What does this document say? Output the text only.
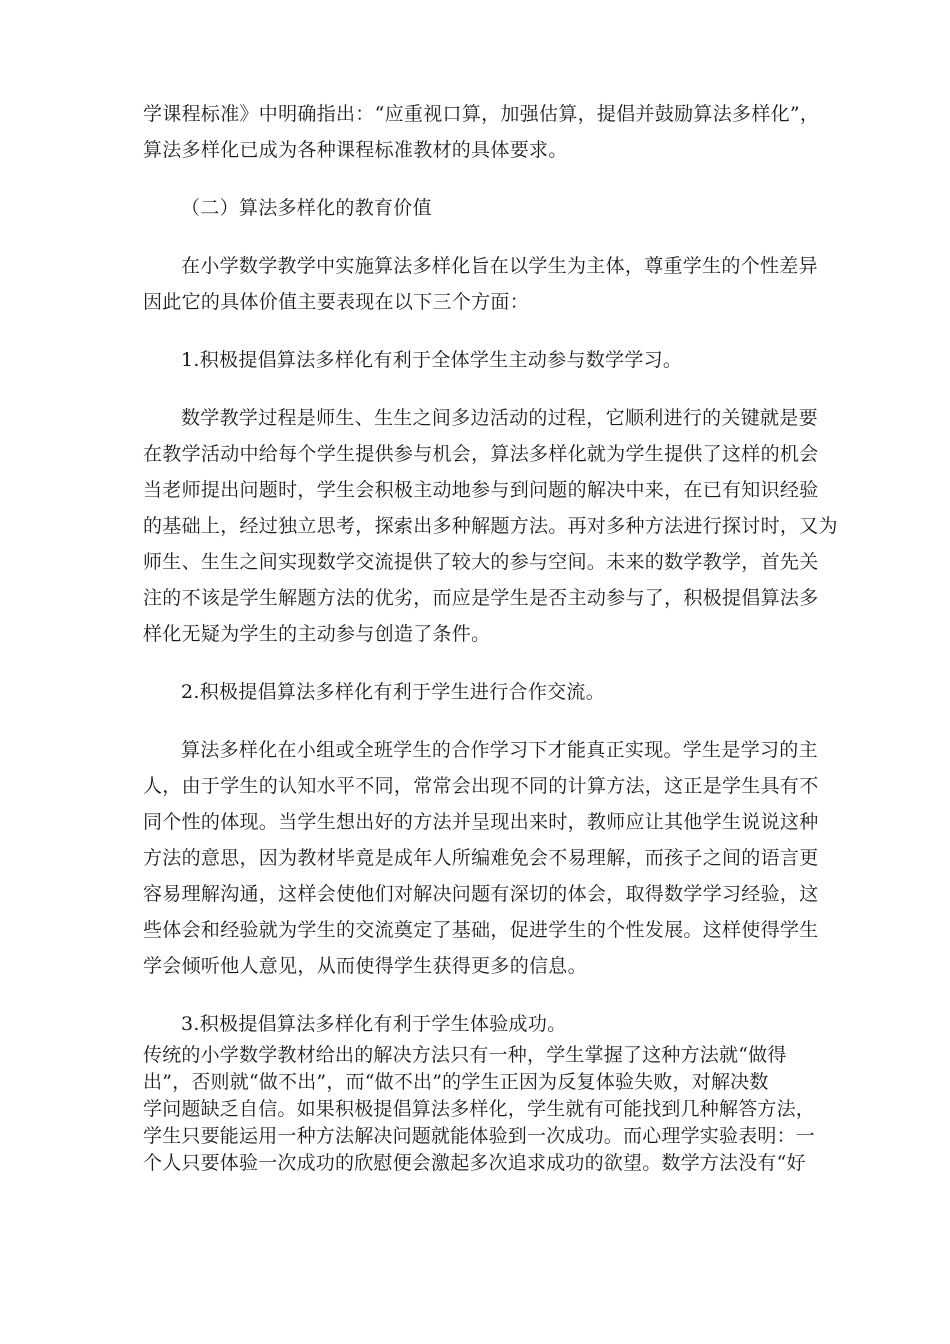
学课程标准》中明确指出：“应重视口算，加强估算，提倡并鼓励算法多样化”，
算法多样化已成为各种课程标准教材的具体要求。

（二）算法多样化的教育价值

在小学数学教学中实施算法多样化旨在以学生为主体，尊重学生的个性差异
因此它的具体价值主要表现在以下三个方面：

1.积极提倡算法多样化有利于全体学生主动参与数学学习。

数学教学过程是师生、生生之间多边活动的过程，它顺利进行的关键就是要
在教学活动中给每个学生提供参与机会，算法多样化就为学生提供了这样的机会
当老师提出问题时，学生会积极主动地参与到问题的解决中来，在已有知识经验
的基础上，经过独立思考，探索出多种解题方法。再对多种方法进行探讨时，又为
师生、生生之间实现数学交流提供了较大的参与空间。未来的数学教学，首先关
注的不该是学生解题方法的优劣，而应是学生是否主动参与了，积极提倡算法多
样化无疑为学生的主动参与创造了条件。

2.积极提倡算法多样化有利于学生进行合作交流。

算法多样化在小组或全班学生的合作学习下才能真正实现。学生是学习的主
人，由于学生的认知水平不同，常常会出现不同的计算方法，这正是学生具有不
同个性的体现。当学生想出好的方法并呈现出来时，教师应让其他学生说说这种
方法的意思，因为教材毕竟是成年人所编难免会不易理解，而孩子之间的语言更
容易理解沟通，这样会使他们对解决问题有深切的体会，取得数学学习经验，这
些体会和经验就为学生的交流奠定了基础，促进学生的个性发展。这样使得学生
学会倾听他人意见，从而使得学生获得更多的信息。

3.积极提倡算法多样化有利于学生体验成功。

传统的小学数学教材给出的解决方法只有一种，学生掌握了这种方法就“做得
出”，否则就“做不出”，而“做不出”的学生正因为反复体验失败，对解决数
学问题缺乏自信。如果积极提倡算法多样化，学生就有可能找到几种解答方法，
学生只要能运用一种方法解决问题就能体验到一次成功。而心理学实验表明：一
个人只要体验一次成功的欣慰便会激起多次追求成功的欲望。数学方法没有“好
